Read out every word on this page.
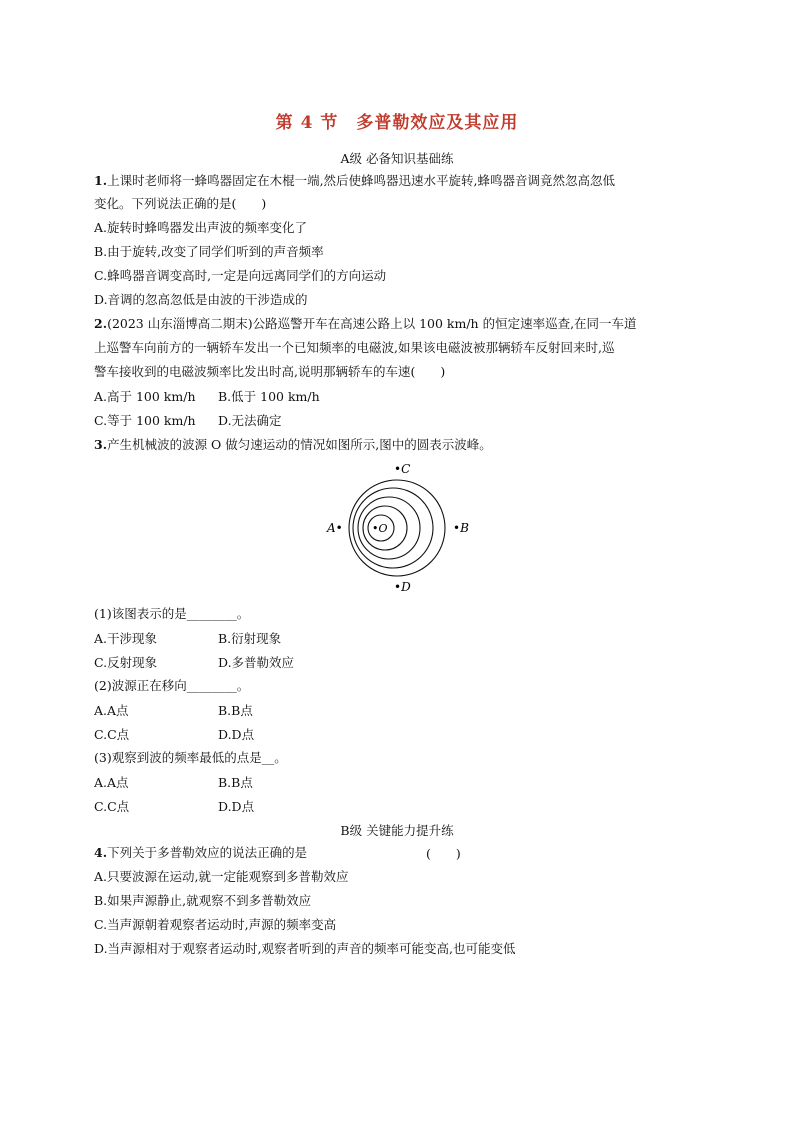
第 4 节　多普勒效应及其应用
A级 必备知识基础练
1.上课时老师将一蜂鸣器固定在木棍一端,然后使蜂鸣器迅速水平旋转,蜂鸣器音调竟然忽高忽低
变化。下列说法正确的是(　　)
A.旋转时蜂鸣器发出声波的频率变化了
B.由于旋转,改变了同学们听到的声音频率
C.蜂鸣器音调变高时,一定是向远离同学们的方向运动
D.音调的忽高忽低是由波的干涉造成的
2.(2023 山东淄博高二期末)公路巡警开车在高速公路上以 100 km/h 的恒定速率巡查,在同一车道
上巡警车向前方的一辆轿车发出一个已知频率的电磁波,如果该电磁波被那辆轿车反射回来时,巡
警车接收到的电磁波频率比发出时高,说明那辆轿车的车速(　　)
A.高于 100 km/h B.低于 100 km/h
C.等于 100 km/h D.无法确定
3.产生机械波的波源 O 做匀速运动的情况如图所示,图中的圆表示波峰。
•C
A•	•B
•O
•D
(1)该图表示的是________。
A.干涉现象	B.衍射现象
C.反射现象	D.多普勒效应
(2)波源正在移向________。
A.A点	B.B点
C.C点	D.D点
(3)观察到波的频率最低的点是__。
A.A点	B.B点
C.C点	D.D点
B级 关键能力提升练
4.下列关于多普勒效应的说法正确的是	(　　)
A.只要波源在运动,就一定能观察到多普勒效应
B.如果声源静止,就观察不到多普勒效应
C.当声源朝着观察者运动时,声源的频率变高
D.当声源相对于观察者运动时,观察者听到的声音的频率可能变高,也可能变低
